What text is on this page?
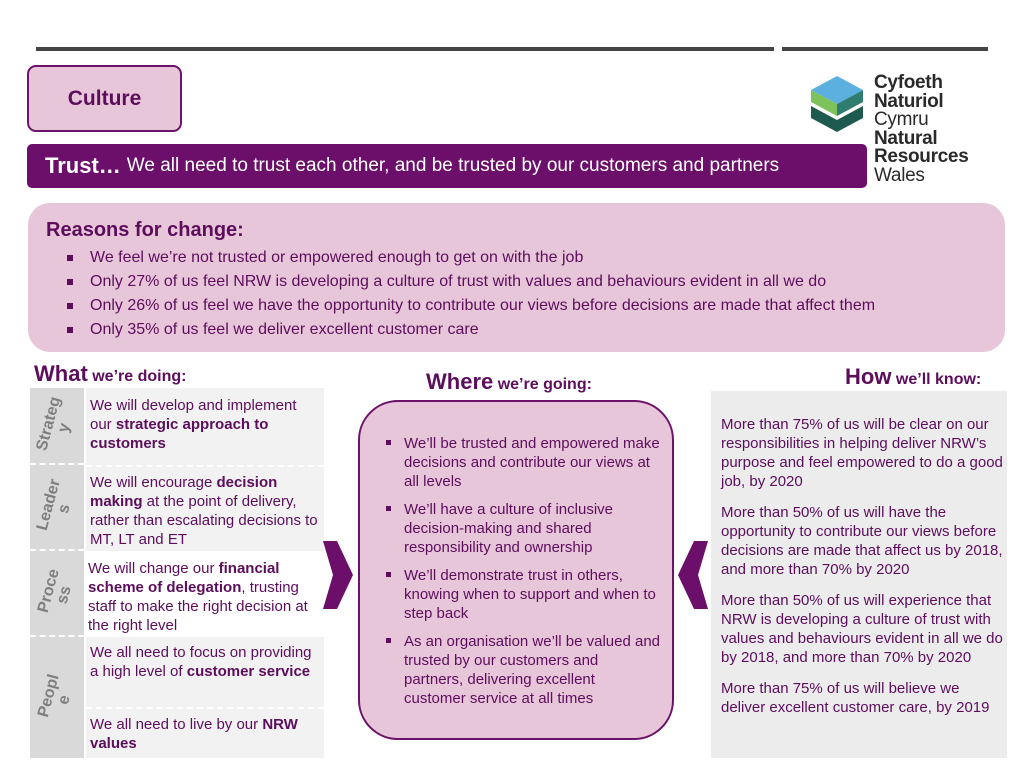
Culture
Cyfoeth
Naturiol
Cymru
Natural
Resources
Wales
Trust… We all need to trust each other, and be trusted by our customers and partners
Reasons for change:
We feel we’re not trusted or empowered enough to get on with the job
Only 27% of us feel NRW is developing a culture of trust with values and behaviours evident in all we do
Only 26% of us feel we have the opportunity to contribute our views before decisions are made that affect them
Only 35% of us feel we deliver excellent customer care
What we’re doing:	Where we’re going:	How we’ll know:
Strateg
y
Leader
s
Proce
ss
Peopl
e
We will develop and implement our strategic approach to customers
We will encourage decision making at the point of delivery, rather than escalating decisions to MT, LT and ET
We will change our financial scheme of delegation, trusting staff to make the right decision at the right level
We all need to focus on providing a high level of customer service
We all need to live by our NRW values
We’ll be trusted and empowered make decisions and contribute our views at all levels
We’ll have a culture of inclusive decision-making and shared responsibility and ownership
We’ll demonstrate trust in others, knowing when to support and when to step back
As an organisation we’ll be valued and trusted by our customers and partners, delivering excellent customer service at all times

More than 75% of us will be clear on our responsibilities in helping deliver NRW’s purpose and feel empowered to do a good job, by 2020

More than 50% of us will have the opportunity to contribute our views before decisions are made that affect us by 2018, and more than 70% by 2020

More than 50% of us will experience that NRW is developing a culture of trust with values and behaviours evident in all we do by 2018, and more than 70% by 2020

More than 75% of us will believe we deliver excellent customer care, by 2019
